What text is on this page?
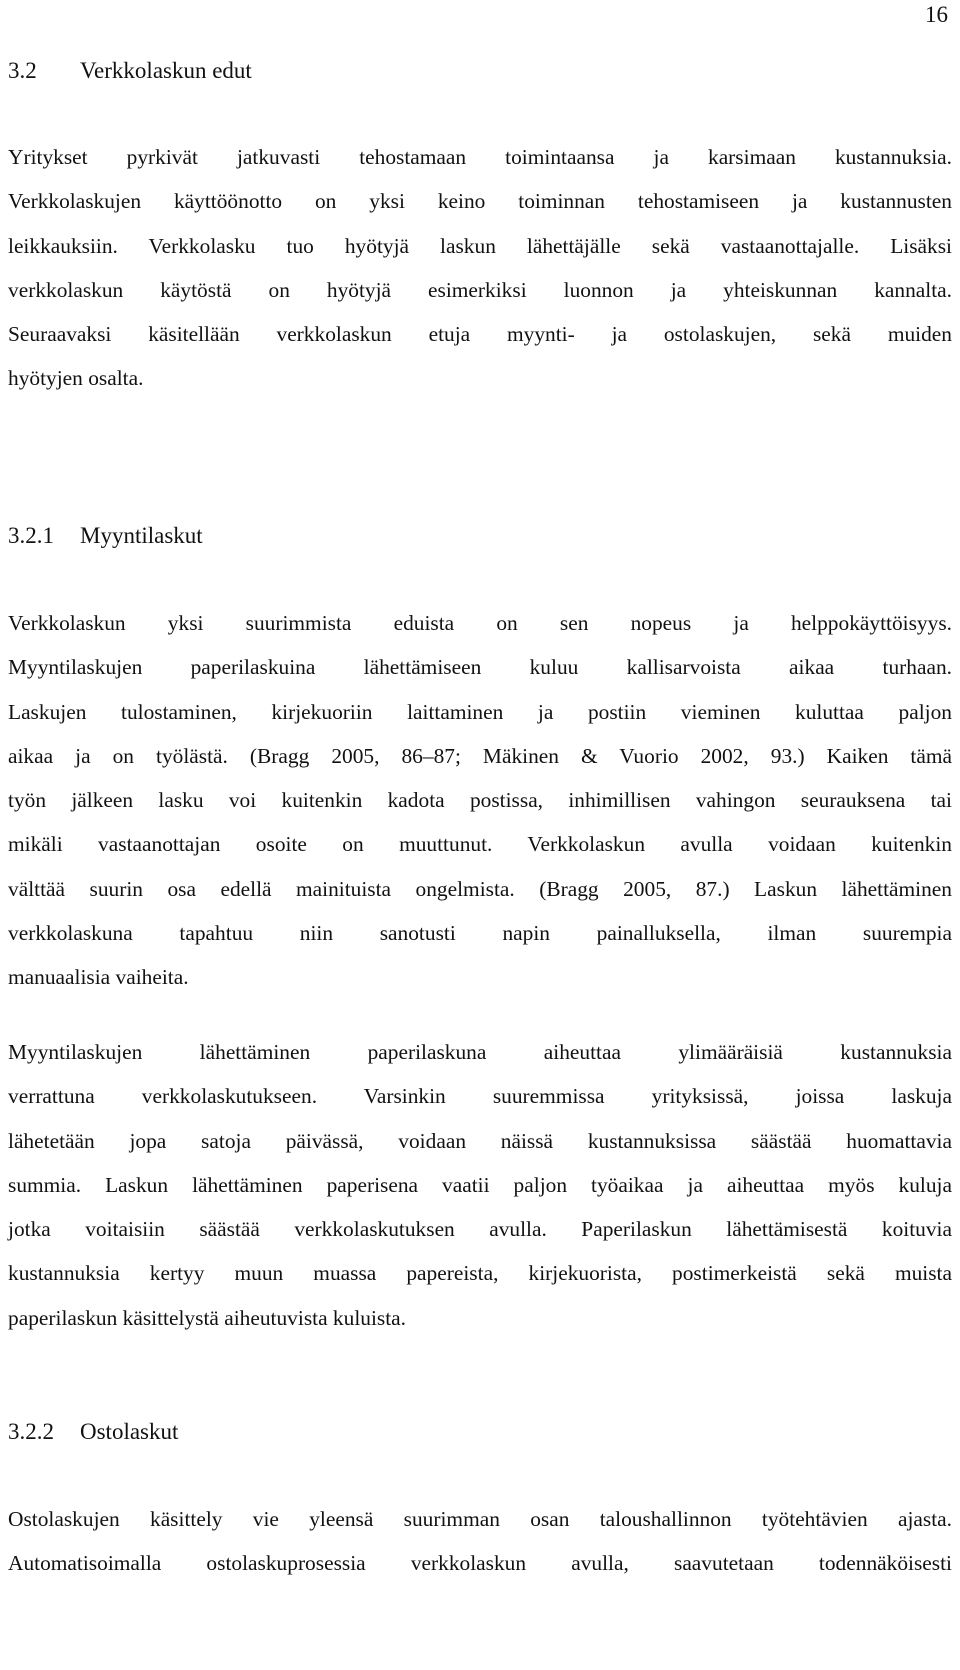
16
3.2 Verkkolaskun edut
Yritykset pyrkivät jatkuvasti tehostamaan toimintaansa ja karsimaan kustannuksia.
Verkkolaskujen käyttöönotto on yksi keino toiminnan tehostamiseen ja kustannusten
leikkauksiin. Verkkolasku tuo hyötyjä laskun lähettäjälle sekä vastaanottajalle. Lisäksi
verkkolaskun käytöstä on hyötyjä esimerkiksi luonnon ja yhteiskunnan kannalta.
Seuraavaksi käsitellään verkkolaskun etuja myynti- ja ostolaskujen, sekä muiden
hyötyjen osalta.
3.2.1 Myyntilaskut
Verkkolaskun yksi suurimmista eduista on sen nopeus ja helppokäyttöisyys.
Myyntilaskujen paperilaskuina lähettämiseen kuluu kallisarvoista aikaa turhaan.
Laskujen tulostaminen, kirjekuoriin laittaminen ja postiin vieminen kuluttaa paljon
aikaa ja on työlästä. (Bragg 2005, 86–87; Mäkinen & Vuorio 2002, 93.) Kaiken tämä
työn jälkeen lasku voi kuitenkin kadota postissa, inhimillisen vahingon seurauksena tai
mikäli vastaanottajan osoite on muuttunut. Verkkolaskun avulla voidaan kuitenkin
välttää suurin osa edellä mainituista ongelmista. (Bragg 2005, 87.) Laskun lähettäminen
verkkolaskuna tapahtuu niin sanotusti napin painalluksella, ilman suurempia
manuaalisia vaiheita.
Myyntilaskujen lähettäminen paperilaskuna aiheuttaa ylimääräisiä kustannuksia
verrattuna verkkolaskutukseen. Varsinkin suuremmissa yrityksissä, joissa laskuja
lähetetään jopa satoja päivässä, voidaan näissä kustannuksissa säästää huomattavia
summia. Laskun lähettäminen paperisena vaatii paljon työaikaa ja aiheuttaa myös kuluja
jotka voitaisiin säästää verkkolaskutuksen avulla. Paperilaskun lähettämisestä koituvia
kustannuksia kertyy muun muassa papereista, kirjekuorista, postimerkeistä sekä muista
paperilaskun käsittelystä aiheutuvista kuluista.
3.2.2 Ostolaskut
Ostolaskujen käsittely vie yleensä suurimman osan taloushallinnon työtehtävien ajasta.
Automatisoimalla ostolaskuprosessia verkkolaskun avulla, saavutetaan todennäköisesti
